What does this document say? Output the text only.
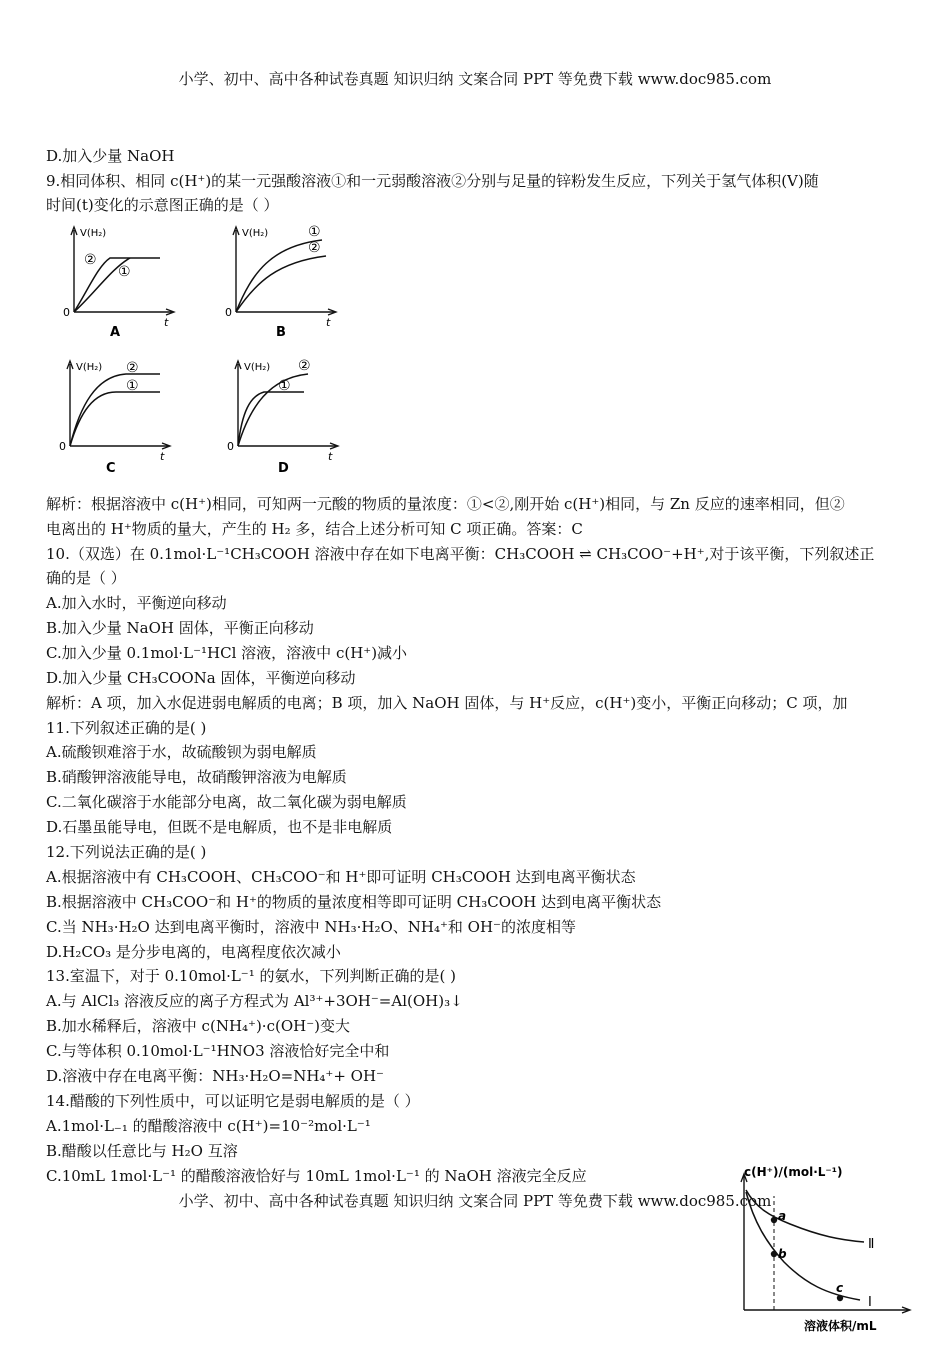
小学、初中、高中各种试卷真题 知识归纳 文案合同 PPT 等免费下载 www.doc985.com
D.加入少量 NaOH
9.相同体积、相同 c(H⁺)的某一元强酸溶液①和一元弱酸溶液②分别与足量的锌粉发生反应，下列关于氢气体积(V)随
时间(t)变化的示意图正确的是（ ）
V(H₂)
0
t
②
①
A
V(H₂)
0
t
①
②
B
V(H₂)
0
t
②
①
C
V(H₂)
0
t
②
①
D
解析：根据溶液中 c(H⁺)相同，可知两一元酸的物质的量浓度：①<②,刚开始 c(H⁺)相同，与 Zn 反应的速率相同，但②
电离出的 H⁺物质的量大，产生的 H₂ 多，结合上述分析可知 C 项正确。答案：C
10.（双选）在 0.1mol·L⁻¹CH₃COOH 溶液中存在如下电离平衡：CH₃COOH ⇌ CH₃COO⁻+H⁺,对于该平衡，下列叙述正
确的是（ ）
A.加入水时，平衡逆向移动
B.加入少量 NaOH 固体，平衡正向移动
C.加入少量 0.1mol·L⁻¹HCl 溶液，溶液中 c(H⁺)减小
D.加入少量 CH₃COONa 固体，平衡逆向移动
解析：A 项，加入水促进弱电解质的电离；B 项，加入 NaOH 固体，与 H⁺反应，c(H⁺)变小，平衡正向移动；C 项，加
11.下列叙述正确的是( )
A.硫酸钡难溶于水，故硫酸钡为弱电解质
B.硝酸钾溶液能导电，故硝酸钾溶液为电解质
C.二氧化碳溶于水能部分电离，故二氧化碳为弱电解质
D.石墨虽能导电，但既不是电解质，也不是非电解质
12.下列说法正确的是( )
A.根据溶液中有 CH₃COOH、CH₃COO⁻和 H⁺即可证明 CH₃COOH 达到电离平衡状态
B.根据溶液中 CH₃COO⁻和 H⁺的物质的量浓度相等即可证明 CH₃COOH 达到电离平衡状态
C.当 NH₃·H₂O 达到电离平衡时，溶液中 NH₃·H₂O、NH₄⁺和 OH⁻的浓度相等
D.H₂CO₃ 是分步电离的，电离程度依次减小
13.室温下，对于 0.10mol·L⁻¹ 的氨水，下列判断正确的是( )
A.与 AlCl₃ 溶液反应的离子方程式为 Al³⁺+3OH⁻=Al(OH)₃↓
B.加水稀释后，溶液中 c(NH₄⁺)·c(OH⁻)变大
C.与等体积 0.10mol·L⁻¹HNO3 溶液恰好完全中和
D.溶液中存在电离平衡：NH₃·H₂O=NH₄⁺+ OH⁻
14.醋酸的下列性质中，可以证明它是弱电解质的是（ ）
A.1mol·L₋₁ 的醋酸溶液中 c(H⁺)=10⁻²mol·L⁻¹
B.醋酸以任意比与 H₂O 互溶
C.10mL 1mol·L⁻¹ 的醋酸溶液恰好与 10mL 1mol·L⁻¹ 的 NaOH 溶液完全反应
小学、初中、高中各种试卷真题 知识归纳 文案合同 PPT 等免费下载 www.doc985.com
c(H⁺)/(mol·L⁻¹)
溶液体积/mL
Ⅱ
Ⅰ
a
b
c
